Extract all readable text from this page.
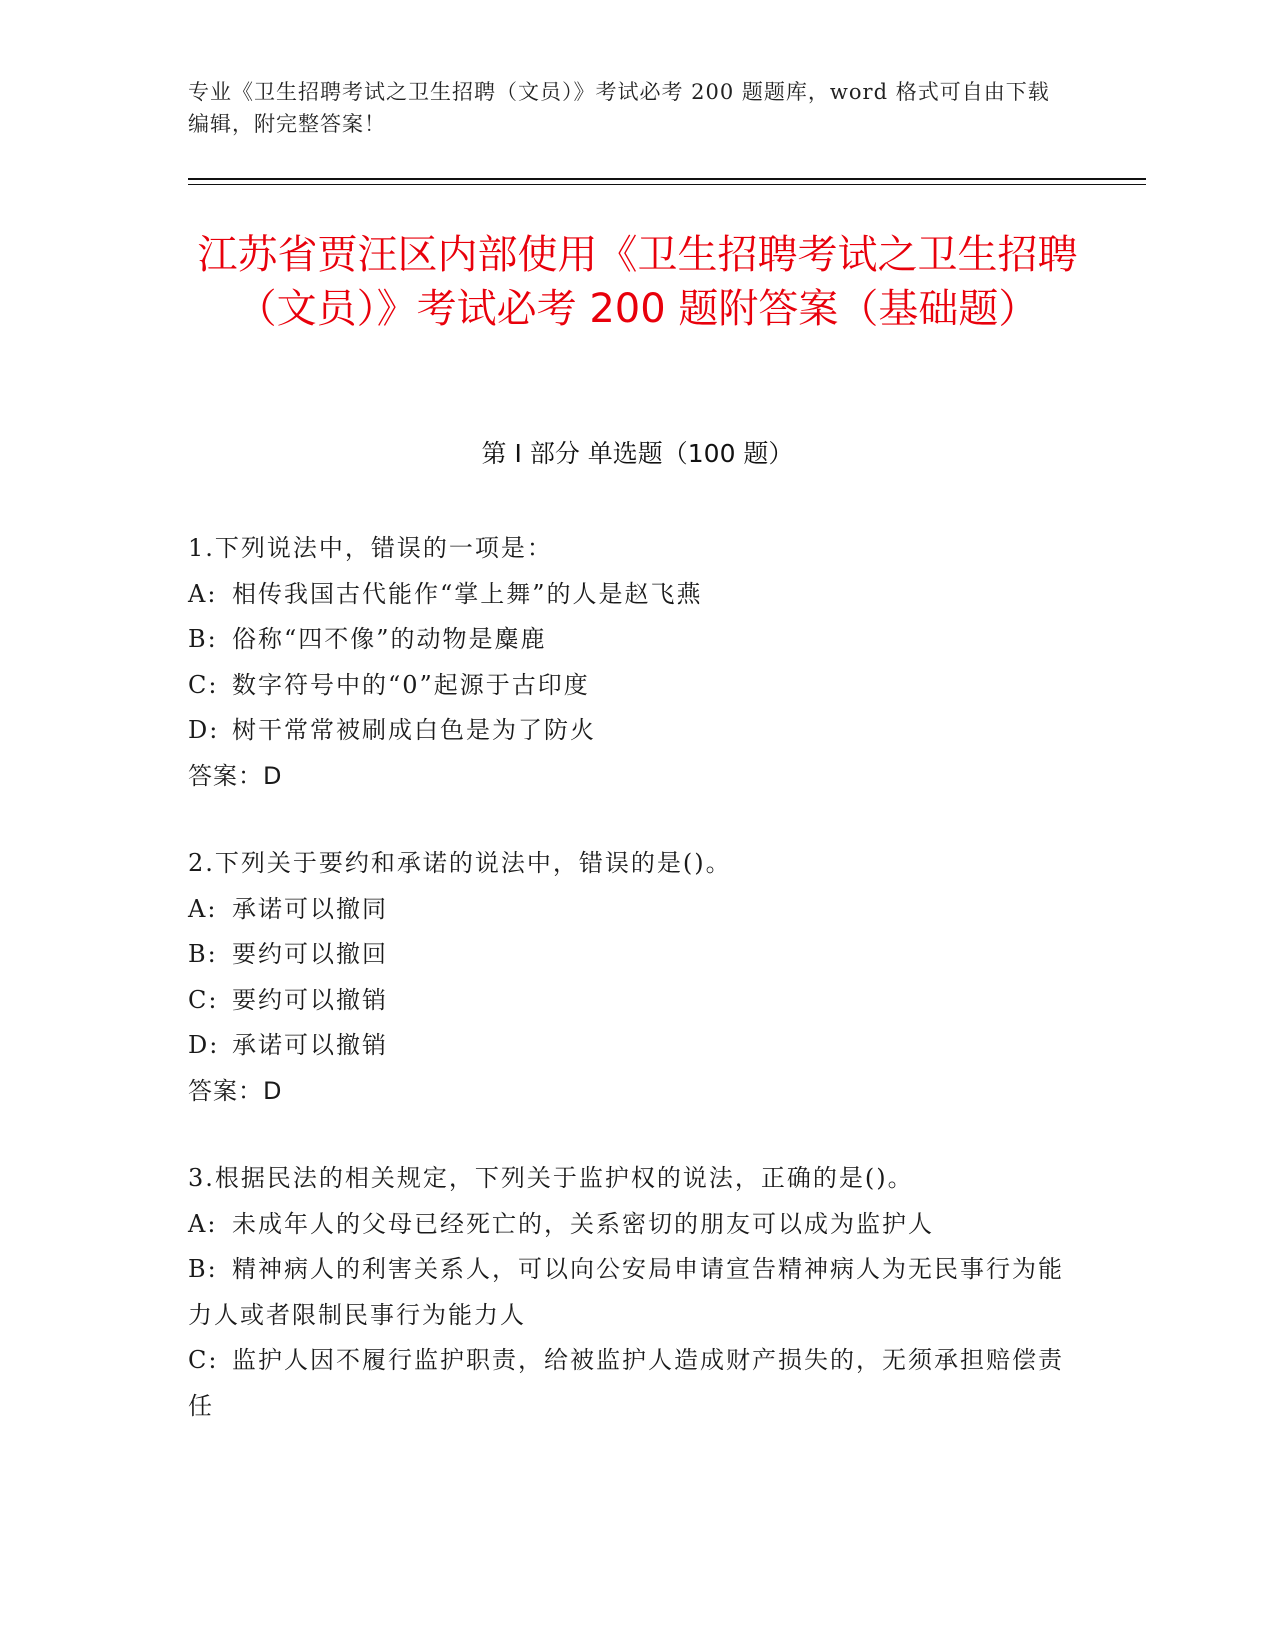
专业《卫生招聘考试之卫生招聘（文员）》考试必考 200 题题库，word 格式可自由下载编辑，附完整答案！
江苏省贾汪区内部使用《卫生招聘考试之卫生招聘（文员）》考试必考 200 题附答案（基础题）
第 I 部分 单选题（100 题）

1.下列说法中，错误的一项是：

A: 相传我国古代能作“掌上舞”的人是赵飞燕

B: 俗称“四不像”的动物是麋鹿

C: 数字符号中的“0”起源于古印度

D: 树干常常被刷成白色是为了防火

答案：D

2.下列关于要约和承诺的说法中，错误的是()。

A: 承诺可以撤同

B: 要约可以撤回

C: 要约可以撤销

D: 承诺可以撤销

答案：D

3.根据民法的相关规定，下列关于监护权的说法，正确的是()。

A: 未成年人的父母已经死亡的，关系密切的朋友可以成为监护人

B: 精神病人的利害关系人，可以向公安局申请宣告精神病人为无民事行为能力人或者限制民事行为能力人

C: 监护人因不履行监护职责，给被监护人造成财产损失的，无须承担赔偿责任
